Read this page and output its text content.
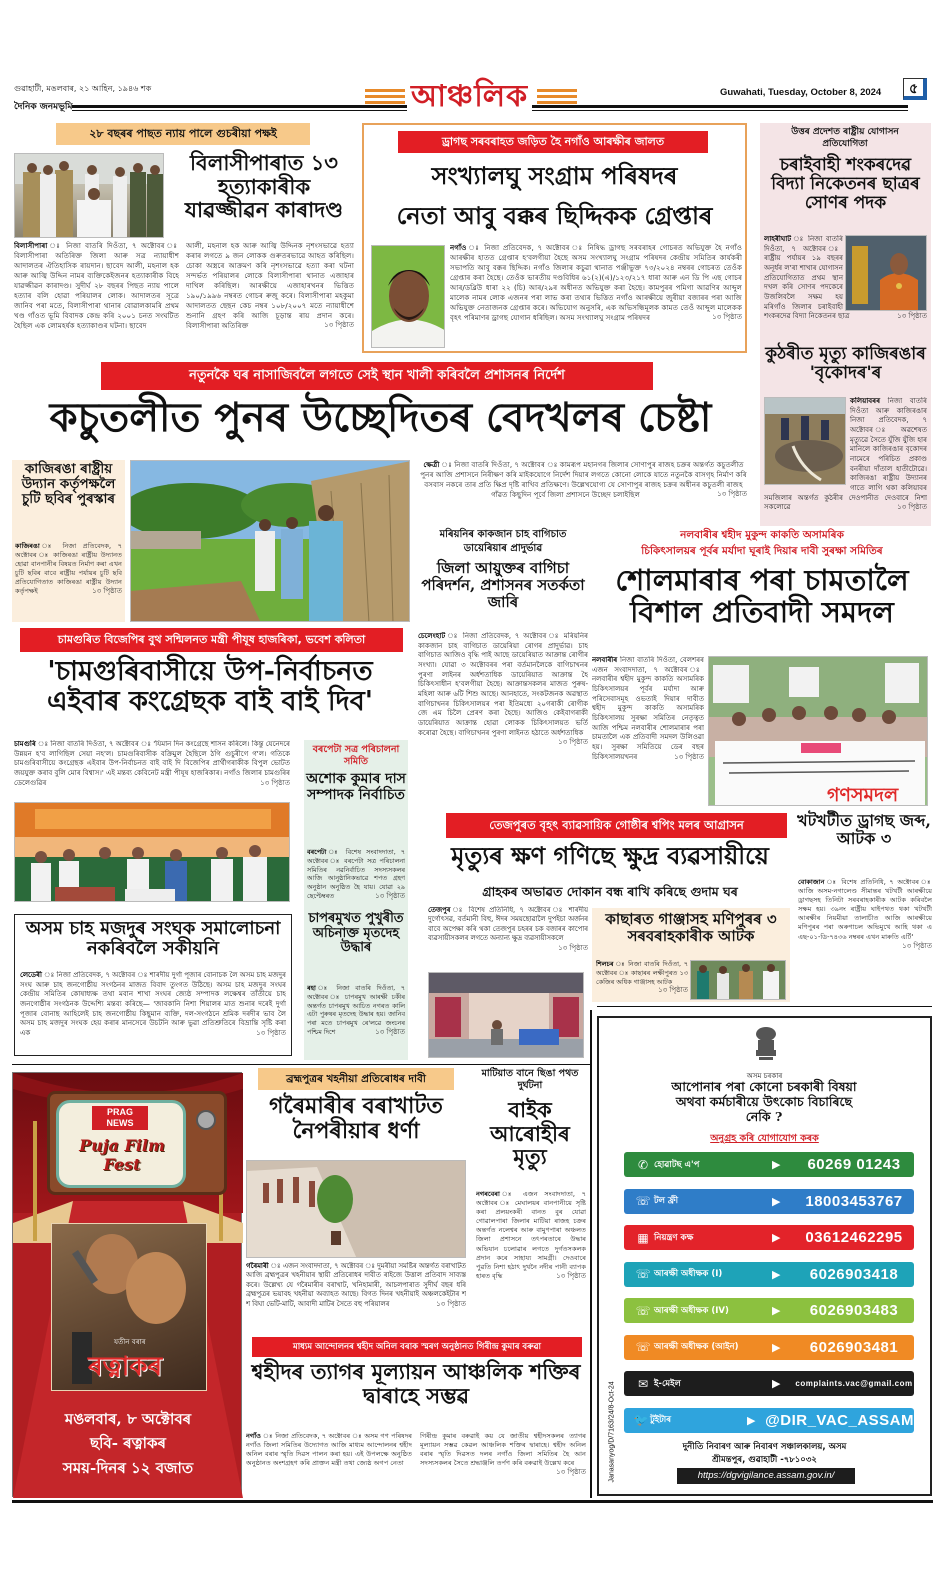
গুৱাহাটী, মঙলবাৰ, ২১ আহিন, ১৯৪৬ শক
দৈনিক জনমভূমি	আঞ্চলিক	Guwahati, Tuesday, October 8, 2024	৫
২৮ বছৰৰ পাছত ন্যায় পালে গুচৰীয়া পক্ষই
বিলাসীপাৰাত ১৩ হত্যাকাৰীক যাৱজ্জীৱন কাৰাদণ্ড
বিলাসীপাৰা ঃ নিজা বাতৰি দিওঁতা, ৭ অক্টোবৰ ঃ বিলাসীপাৰা অতিৰিক্ত জিলা আৰু সত্ৰ ন্যায়াধীশ আদালতৰ ঐতিহাসিক ৰায়দান। ছাবেদ আলী, মহনাল হক আৰু আজ্বি উদ্দিন নামৰ ব্যক্তিকেইজনৰ হত্যাকাৰীক বিহে যাৱজ্জীৱন কাৰাদণ্ড। সুদীৰ্ঘ ২৮ বছৰৰ পিছত ন্যায় পালে হত্যাৰ বলি হোৱা পৰিয়ালৰ লোক। আদালতৰ সূত্ৰে জানিব পৰা মতে, বিলাসীপাৰা থানাৰ বোৱালকামৰি প্ৰথম খণ্ড গাঁওত ভূমি বিবাদক কেন্দ্ৰ কৰি ২০০১ চনত সংঘটিত হৈছিল এক লোমহৰ্ষক হত্যাকাণ্ডৰ ঘটনা। ছাবেদ
আলী, মহনাল হক আৰু আজ্বি উদ্দিনক নৃশংসভাৱে হত্যা কৰাৰ লগতে ৯ জন লোকক গুৰুতৰভাৱে আহত কৰিছিল। চোকা অস্ত্ৰৰে আক্ৰমণ কৰি নৃশংসভাৱে হত্যা কৰা ঘটনা সন্দৰ্ভত পৰিয়ালৰ লোকে বিলাসীপাৰা থানাত এজাহাৰ দাখিল কৰিছিল। আৰক্ষীয়ে এজাহাৰখনৰ ভিত্তিত ১৯০/১৯৯৬ নম্বৰত গোচৰ ৰুজু কৰে। বিলাসীপাৰা মহকুমা আদালতত ছেছন কেচ নম্বৰ ১০৮/২০০৭ মতে ন্যায়াধীশে শুনানি গ্ৰহণ কৰি আজি চূড়ান্ত ৰায় প্ৰদান কৰে। বিলাসীপাৰা অতিৰিক্ত	১৩ পিৃষ্ঠাত
ড্ৰাগছ সৰবৰাহত জড়িত হৈ নগাঁও আৰক্ষীৰ জালত
সংখ্যালঘু সংগ্ৰাম পৰিষদৰ
নেতা আবু বক্কৰ ছিদ্দিকক গ্ৰেপ্তাৰ
নগাঁও ঃ নিজা প্ৰতিবেদক, ৭ অক্টোবৰ ঃ নিষিদ্ধ ড্ৰাগছ সৰবৰাহৰ গোচৰত অভিযুক্ত হৈ নগাঁও আৰক্ষীৰ হাতত গ্ৰেপ্তাৰ হ'বলগীয়া হৈছে অসম সংখ্যালঘু সংগ্ৰাম পৰিষদৰ কেন্দ্ৰীয় সমিতিৰ কাৰ্যকৰী সভাপতি আবু বক্কৰ ছিদ্দিক। নগাঁও জিলাৰ কচুৱা থানাত পঞ্জীভুক্ত ৭৩/২০২৪ নম্বৰৰ গোচৰত তেওঁক গ্ৰেপ্তাৰ কৰা হৈছে। তেওঁক ভাৰতীয় দণ্ডবিধিৰ ৬১(২)(এ)/১২৩/২১৭ ধাৰা আৰু এন ডি পি এছ গোচৰ আৰ/ডব্লিউ ধাৰা ২২ (চি) আৰ/২৯ৰ অধীনত অভিযুক্ত কৰা হৈছে। কামপুৰৰ পমিগা আৱণিৰ আব্দুল মালেক নামৰ লোক এজনৰ পৰা লাভ কৰা তথ্যৰ ভিত্তিত নগাঁও আৰক্ষীয়ে জুৰীয়া বজাৰৰ পৰা আজি অভিযুক্ত নেতাজনক গ্ৰেপ্তাৰ কৰে। অভিযোগ অনুসৰি, এক অভিসন্ধিমূলক কামত তেওঁ আব্দুল মালেকক বৃহৎ পৰিমাণৰ ড্ৰাগছ যোগান ধৰিছিল। অসম সংখ্যালঘু সংগ্ৰাম পৰিষদৰ	১৩ পিৃষ্ঠাত
উত্তৰ প্ৰদেশত ৰাষ্ট্ৰীয় যোগাসন প্ৰতিযোগিতা
চৰাইবাহী শংকৰদেৱ বিদ্যা নিকেতনৰ ছাত্ৰৰ সোণৰ পদক
লাহৰীঘাট ঃ নিজা বাতৰি দিওঁতা, ৭ অক্টোবৰ ঃ ৰাষ্ট্ৰীয় পৰ্যায়ৰ ১৯ বছৰৰ অনূৰ্ধৰ ল'ৰা শাখাৰ যোগাসন প্ৰতিযোগিতাত প্ৰথম স্থান দখল কৰি সোণৰ পদকেৰে উজলিবলৈ সক্ষম হয় মৰিগাঁও জিলাৰ চৰাইবাহী শংকৰদেৱ বিদ্যা নিকেতনৰ ছাত্ৰ	১৩ পিৃষ্ঠাত
কুঠৰীত মৃত্যু কাজিৰঙাৰ 'বৃকোদৰ'ৰ
কলিয়াবৰৰ নিজা বাতৰি দিওঁতা আৰু কাজিৰঙাৰ নিজা প্ৰতিবেদক, ৭ অক্টোবৰ ঃ অৱশেষত মৃত্যুৱে সৈতে যুঁজি যুঁজি হাৰ মানিলে কাজিৰঙাৰ বৃকোদৰ নামেৰে পৰিচিত প্ৰকাণ্ড বনৰীয়া দাঁতাল হাতীটোৱে। কাজিৰঙা ৰাষ্ট্ৰীয় উদ্যানৰ গাতে লাগি থকা কলিয়াবৰ সমজিলাৰ অন্তৰ্গত কুঠৰীৰ দেওপানীত দেওবাৰে নিশা সকলোৱে	১৩ পিৃষ্ঠাত
নতুনকৈ ঘৰ নাসাজিবলৈ লগতে সেই স্থান খালী কৰিবলৈ প্ৰশাসনৰ নিৰ্দেশ
কচুতলীত পুনৰ উচ্ছেদিতৰ বেদখলৰ চেষ্টা
ক্ষেত্ৰী ঃ নিজা বাতৰি দিওঁতা, ৭ অক্টোবৰ ঃ কামৰূপ মহানগৰ জিলাৰ সোণাপুৰ ৰাজহ চক্ৰৰ অন্তৰ্গত কচুতলীত পুনৰ আজি প্ৰশাসনে নিৰীক্ষণ কৰি মাইকযোগে নিৰ্দেশ দিয়াৰ লগতে কোনো লোকে যাতে নতুনকৈ বাসগৃহ নিৰ্মাণ কৰি বসবাস নকৰে তাৰ প্ৰতি ক্ষিপ্ৰ দৃষ্টি ৰাখিব প্ৰতিক্ষণে। উল্লেখযোগ্য যে সোণাপুৰ ৰাজহ চক্ৰৰ অধীনৰ কচুতলী ৰাজহ গাঁৱত কিছুদিন পূৰ্বে জিলা প্ৰশাসনে উচ্ছেদ চলাইছিল	১৩ পিৃষ্ঠাত
কাজিৰঙা ৰাষ্ট্ৰীয় উদ্যান কৰ্তৃপক্ষলৈ চুটি ছবিৰ পুৰস্কাৰ
কাজিৰঙা ঃ নিজা প্ৰতিবেদক, ৭ অক্টোবৰ ঃ কাজিৰঙা ৰাষ্ট্ৰীয় উদ্যানত হোৱা বানপানীৰ বিষয়ত নিৰ্মাণ কৰা এখন চুটি ছবিৰ বাবে ৰাষ্ট্ৰীয় পৰ্যায়ৰ চুটি ছবি প্ৰতিযোগিতাত কাজিৰঙা ৰাষ্ট্ৰীয় উদ্যান কৰ্তৃপক্ষই	১৩ পিৃষ্ঠাত
মৰিয়নিৰ কাকজান চাহ বাগিচাত ডায়েৰিয়াৰ প্ৰাদুৰ্ভাৱ
জিলা আয়ুক্তৰ বাগিচা পৰিদৰ্শন, প্ৰশাসনৰ সতৰ্কতা জাৰি
চেলেংহাট ঃ নিজা প্ৰতিবেদক, ৭ অক্টোবৰ ঃ মৰিয়নিৰ কাকজান চাহ বাগিচাত ডায়েৰিয়া ৰোগৰ প্ৰাদুৰ্ভাৱ। চাহ বাগিচাত আজিও বৃদ্ধি পাই আছে ডায়েৰিয়াত আক্ৰান্ত ৰোগীৰ সংখ্যা। যোৱা ৩ অক্টোবৰৰ পৰা বৰ্তমানলৈকে বাগিচাখনৰ পুৰণা লাইনৰ অৰ্ধশতাধিক ডায়েৰিয়াত আক্ৰান্ত হৈ চিকিৎসাধীন হ'বলগীয়া হৈছে। আক্ৰান্তসকলৰ মাজত পুৰুষ-মহিলা আৰু ৬টি শিশু আছে। আনহাতে, সংকটজনক অৱস্থাত বাগিচাখনৰ চিকিৎসালয়ৰ পৰা ইতিমধ্যে ২০গৰাকী ৰোগীক জে এম চিলৈ প্ৰেৰণ কৰা হৈছে। আজিও কেইবাগৰাকী ডায়েৰিয়াত আক্ৰান্ত হোৱা লোকক চিকিৎসালয়ত ভৰ্তি কৰোৱা হৈছে। বাগিচাখনৰ পুৰণা লাইনত হঠাতে অৰ্ধশতাধিক
১৩ পিৃষ্ঠাত
নলবাৰীৰ শ্বহীদ মুকুন্দ কাকতি অসামৰিক
চিকিৎসালয়ৰ পূৰ্বৰ মৰ্যাদা ঘূৰাই দিয়াৰ দাবী সুৰক্ষা সমিতিৰ
শোলমাৰাৰ পৰা চামতালৈ বিশাল প্ৰতিবাদী সমদল
নলবাৰীৰ নিজা বাতৰি দিওঁতা, বেলশৰৰ এজন সংবাদদাতা, ৭ অক্টোবৰ ঃ নলবাৰীৰ শ্বহীদ মুকুন্দ কাকতি অসামৰিক চিকিৎসালয়ৰ পূৰ্বৰ মৰ্যাদা আৰু পৰিসেবাসমূহ ওভতাই দিয়াৰ দাবীত শ্বহীদ মুকুন্দ কাকতি অসামৰিক চিকিৎসালয় সুৰক্ষা সমিতিৰ নেতৃত্বত আজি পশ্চিম নলবাৰীৰ শোলমাৰাৰ পৰা চামতালৈ এক প্ৰতিবাদী সমদল উলিওৱা হয়। সুৰক্ষা সমিতিয়ে ডেৰ বছৰ চিকিৎসালয়খনৰ	১৩ পিৃষ্ঠাত
গণসমদল
চামগুৰিত বিজেপিৰ বুথ সন্মিলনত মন্ত্ৰী পীযূষ হাজৰিকা, ভবেশ কলিতা
'চামগুৰিবাসীয়ে উপ-নিৰ্বাচনত এইবাৰ কংগ্ৰেছক বাই বাই দিব'
চামগুৰি ঃ নিজা বাতৰি দিওঁতা, ৭ অক্টোবৰ ঃ 'যিমান দিন কংগ্ৰেছে শাসন কৰিলে। কিন্তু যেনেদৰে উন্নয়ন হ'ব লাগিছিল সেয়া নহ'ল। চামগুৰিবাসীক বক্ৰিমুল হৈছিলে ঠগি গুচুৰীগে গ'ল। গতিকে চামগুৰিবাসীয়ে কংগ্ৰেছক এইবাৰ উপ-নিৰ্বাচনত বাই বাই দি বিজেপিৰ প্ৰাৰ্থীগৰাকীক বিপুল ভোটত জয়যুক্ত কৰাব বুলি মোৰ বিশ্বাস।' এই মন্তব্য কেবিনেট মন্ত্ৰী পীযূষ হাজৰিকাৰ। নগাঁও জিলাৰ চামগুৰিৰ ডেলেগুৱিৰ	১৩ পিৃষ্ঠাত
বৰপেটা সত্ৰ পৰিচালনা সমিতি
অশোক কুমাৰ দাস সম্পাদক নিৰ্বাচিত
বৰপেটা ঃ বিশেষ সংবাদদাতা, ৭ অক্টোবৰ ঃ বৰপেটা সত্ৰ পৰিচালনা সমিতিৰ নৱনিৰ্বাচিত সদস্যসকলৰ আজি আনুষ্ঠানিকভাৱে শপত গ্ৰহণ অনুষ্ঠান অনুষ্ঠিত হৈ যায়। যোৱা ২৯ ছেপ্টেম্বৰত	১৩ পিৃষ্ঠাত
চাপৰমুখত পুখুৰীত অচিনাক্ত মৃতদেহ উদ্ধাৰ
ৰহা ঃ নিজা বাতৰি দিওঁতা, ৭ অক্টোবৰ ঃ চাপৰমুখ আৰক্ষী চকীৰ অন্তৰ্গত চাপৰমুখ আচিত নগৰত কালি এটা পুৰুষৰ মৃতদেহ উদ্ধাৰ হয়। জানিব পৰা মতে চাপৰমুখ ৰে'লৱে জংচনৰ পশ্চিম দিশে	১৩ পিৃষ্ঠাত
অসম চাহ মজদুৰ সংঘক সমালোচনা নকৰিবলৈ সকীয়নি
লেডেৰী ঃ নিজা প্ৰতিবেদক, ৭ অক্টোবৰ ঃ শাৰদীয় দুৰ্গা পূজাৰ বোনাচক লৈ অসম চাহ মজদুৰ সংঘ আৰু চাহ জনগোষ্ঠীয় সংগঠনৰ মাজত বিবাদ তুংগত উঠিছে। অসম চাহ মজদুৰ সংঘৰ কেন্দ্ৰীয় সমিতিৰ কোষাধ্যক্ষ তথা মবান শাখা সংঘৰ জ্যেষ্ঠ সম্পাদক লক্ষেশ্বৰ তাঁতীয়ে চাহ জনগোষ্ঠীৰ সংগঠনক উদ্দেশ্যি মন্তব্য কৰিছে— 'জাবকানি নিশা শিয়ালৰ মাত শুনাৰ দৰেই দুৰ্গা পূজাৰ বোনাছ আহিলেই চাহ জনগোষ্ঠীয় কিছুমান ব্যক্তি, দল-সংগঠনে শ্ৰমিক দৰদীৰ ভাব লৈ অসম চাহ মজদুৰ সংঘক হেয় কৰাৰ মানসেৰে উচটনি আৰু ভুৱা প্ৰতিশ্ৰুতিৰে বিভ্ৰান্তি সৃষ্টি কৰা এক	১৩ পিৃষ্ঠাত
তেজপুৰত বৃহৎ ব্যাৱসায়িক গোষ্ঠীৰ শ্বপিং মলৰ আগ্ৰাসন
মৃত্যুৰ ক্ষণ গণিছে ক্ষুদ্ৰ ব্যৱসায়ীয়ে
গ্ৰাহকৰ অভাৱত দোকান বন্ধ ৰাখি কৰিছে গুদাম ঘৰ
তেজপুৰ ঃ বিশেষ প্ৰতিনিধি, ৭ অক্টোবৰ ঃ শাৰদীয় দুৰ্গোৎসৱ, বৰ্তমানী বিহু, ঈদৰ সময়ছোৱালৈ দুপইচা অৰ্জনৰ বাবে অপেক্ষা কৰি থকা তেজপুৰ চহৰৰ চক বজাৰৰ কাপোৰ ব্যৱসায়ীসকলৰ লগতে অন্যান্য ক্ষুদ্ৰ ব্যৱসায়ীসকলে
১৩ পিৃষ্ঠাত
কাছাৰত গাঞ্জাসহ মণিপুৰৰ ৩ সৰবৰাহকাৰীক আটক
শিলচৰ ঃ নিজা বাতৰি দিওঁতা, ৭ অক্টোবৰ ঃ কাছাৰৰ লক্ষীপুৰত ১৩ কেজিৰ অধিক গাঞ্জাসহ আটক
১৩ পিৃষ্ঠাত
খটখটীত ড্ৰাগছ জব্দ, আটক ৩
বোকাজান ঃ বিশেষ প্ৰতিনিধি, ৭ অক্টোবৰ ঃ আজি অসম-নগালেণ্ড সীমান্তৰ খটখটী আৰক্ষীয়ে ড্ৰাগছসহ তিনিটা সৰবৰাহকাৰীক আটক কৰিবলৈ সক্ষম হয়। ৩৯নং ৰাষ্ট্ৰীয় ঘাইপথত থকা খটখটী আৰক্ষীৰ নিয়মীয়া তালাচীত আজি আৰক্ষীয়ে মণিপুৰৰ পৰা অৰুণাচল অভিমুখে আহি থকা এ এছ-০১-ডি-৭৪৩৬ নম্বৰৰ এখন মাৰুতি এৰ্টি'
১৩ পিৃষ্ঠাত
PRAG NEWS
Puja Film Fest
যতীন বৰাৰ
ৰত্নাকৰ
মঙলবাৰ, ৮ অক্টোবৰ
ছবি- ৰত্নাকৰ
সময়-দিনৰ ১২ বজাত
ব্ৰহ্মপুত্ৰৰ খহনীয়া প্ৰতিৰোধৰ দাবী
গৰৈমাৰীৰ বৰাখাটত নৈপৰীয়াৰ ধৰ্ণা
গৰৈমাৰী ঃ এজন সংবাদদাতা, ৭ অক্টোবৰ ঃ দুমৰীয়া সমষ্টিৰ অন্তৰ্গত বৰাখাটত আজি ব্ৰহ্মপুত্ৰৰ খহনীয়াৰ স্থায়ী প্ৰতিৰোধৰ দাবীত ৰাইজে উত্তাল প্ৰতিবাদ সাব্যস্ত কৰে। উল্লেখ্য যে গৰৈমাৰীৰ বৰাখাট, খনিহামাৰী, আচলপাৰাত সুদীৰ্ঘ বছৰ ধৰি ব্ৰহ্মপুত্ৰৰ ভয়াবহ খহনীয়া অব্যাহত আছে। বিগত দিনৰ খহনীয়াই অঞ্চলকেইটাৰ শ শ বিঘা ভেটি-মাটি, আবাদী মাটিৰ সৈতে বহু পৰিয়ালৰ	১৩ পিৃষ্ঠাত
মাটিয়াত বানে ছিঙা পথত দুৰ্ঘটনা
বাইক আৰোহীৰ মৃত্যু
নগৰবেৰা ঃ এজন সংবাদদাতা, ৭ অক্টোবৰ ঃ মেঘালয়ৰ বানপানীয়ে সৃষ্টি কৰা প্ৰলয়ংকৰী বানত বুৰ যোৱা গোৱালপাৰা জিলাৰ মাটিয়া ৰাজহ চক্ৰৰ অন্তৰ্গত নলেশ্বৰ আৰু বামুণপাৰা অঞ্চলত জিলা প্ৰশাসনে তৎপৰতাৰে উদ্ধাৰ অভিযান চলোৱাৰ লগতে দুৰ্গতসকলক প্ৰদান কৰে সাহায্য সামগ্ৰী। দেওবাৰে পুৱতি নিশা হঠাৎ দুখনৈ নদীৰ পানী ব্যাপক হাৰত বৃদ্ধি	১৩ পিৃষ্ঠাত
মাধ্যম আন্দোলনৰ শ্বহীদ অনিল বৰাক স্মৰণ অনুষ্ঠানত গিৰীন্দ্ৰ কুমাৰ বৰুৱা
শ্বহীদৰ ত্যাগৰ মূল্যায়ন আঞ্চলিক শক্তিৰ দ্বাৰাহে সম্ভৱ
নগাঁও ঃ নিজা প্ৰতিবেদক, ৭ অক্টোবৰ ঃ অসম গণ পৰিষদৰ নগাঁও জিলা সমিতিৰ উদ্যোগত আজি মাধ্যম আন্দোলনৰ শ্বহীদ অনিল বৰাৰ স্মৃতি দিৱস পালন কৰা হয়। এই উপলক্ষে অনুষ্ঠিত অনুষ্ঠানত অংশগ্ৰহণ কৰি প্ৰাক্তন মন্ত্ৰী তথা জ্যেষ্ঠ অগপ নেতা
গিৰীন্দ্ৰ কুমাৰ বৰুৱাই কয় যে জাতীয় শ্বহীদসকলৰ ত্যাগৰ মূল্যায়ন সম্ভৱ কেৱল আঞ্চলিক শক্তিৰ দ্বাৰাহে। শ্বহীদ অনিল বৰাৰ স্মৃতি দিৱসত দলৰ নগাঁও জিলা সমিতিৰ হৈ আন সদস্যসকলৰ সৈতে শ্ৰদ্ধাঞ্জলি তৰ্পণ কৰি বৰুৱাই উল্লেখ কৰে
১৩ পিৃষ্ঠাত
অসম চৰকাৰ
আপোনাৰ পৰা কোনো চৰকাৰী বিষয়া অথবা কৰ্মচাৰীয়ে উৎকোচ বিচাৰিছে নেকি ?
অনুগ্ৰহ কৰি যোগাযোগ কৰক
Janasanyog/D/7163/24/8-Oct-24	দুনীতি নিবাৰণ আৰু নিবাৰণ সঞ্চালকালয়, অসম
শ্ৰীমন্তপুৰ, গুৱাহাটী -৭৮১০৩২
https://dgvigilance.assam.gov.in/
✆ হোৱাটছ এ'প	▶	60269 01243
☏ টল ফ্ৰী	▶	18003453767
▦ নিয়ন্ত্ৰণ কক্ষ	▶	03612462295
☏ আৰক্ষী অধীক্ষক (I)	▶	6026903418
☏ আৰক্ষী অধীক্ষক (IV)	▶	6026903483
☏ আৰক্ষী অধীক্ষক (আইন)	▶	6026903481
✉ ই-মেইল	▶	complaints.vac@gmail.com
🐦 টুইটাৰ	▶ @DIR_VAC_ASSAM
